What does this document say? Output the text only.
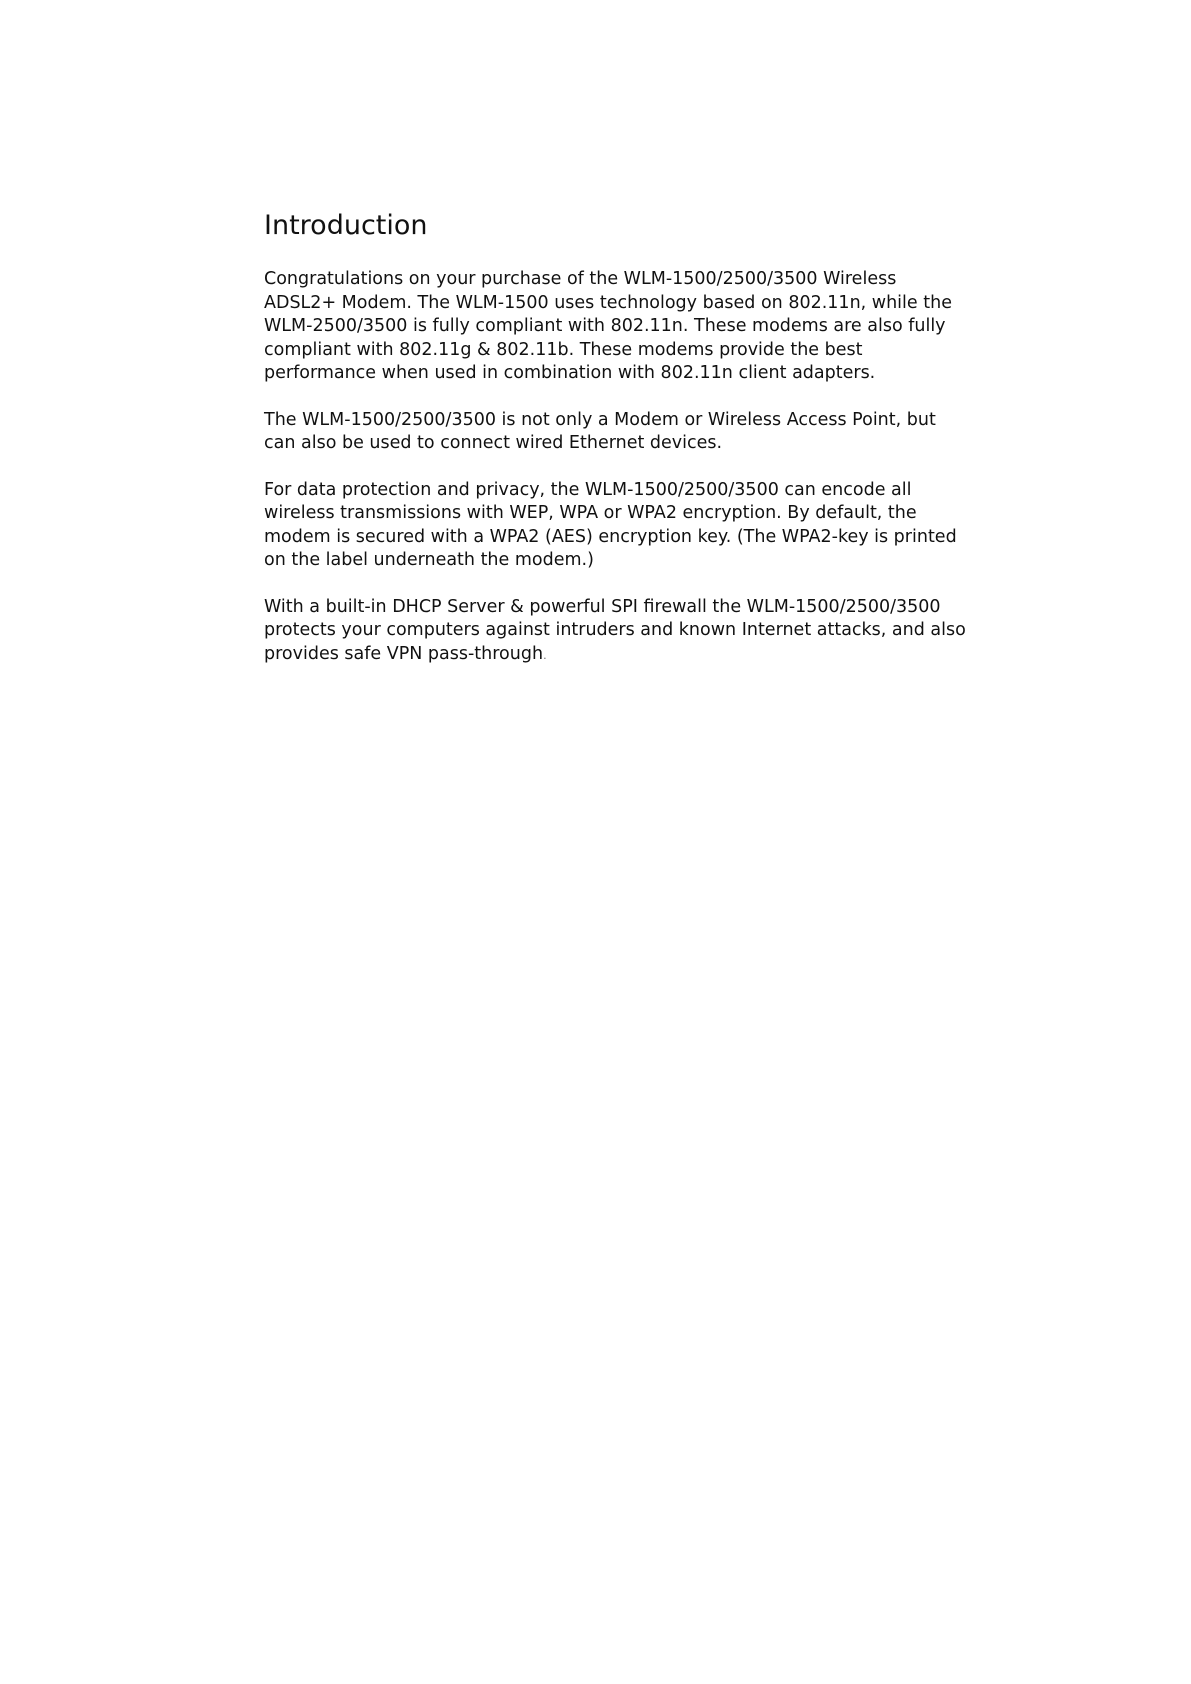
Introduction

Congratulations on your purchase of the WLM-1500/2500/3500 Wireless
ADSL2+ Modem. The WLM-1500 uses technology based on 802.11n, while the
WLM-2500/3500 is fully compliant with 802.11n. These modems are also fully
compliant with 802.11g & 802.11b. These modems provide the best
performance when used in combination with 802.11n client adapters.

The WLM-1500/2500/3500 is not only a Modem or Wireless Access Point, but
can also be used to connect wired Ethernet devices.

For data protection and privacy, the WLM-1500/2500/3500 can encode all
wireless transmissions with WEP, WPA or WPA2 encryption. By default, the
modem is secured with a WPA2 (AES) encryption key. (The WPA2-key is printed
on the label underneath the modem.)

With a built-in DHCP Server & powerful SPI firewall the WLM-1500/2500/3500
protects your computers against intruders and known Internet attacks, and also
provides safe VPN pass-through.
